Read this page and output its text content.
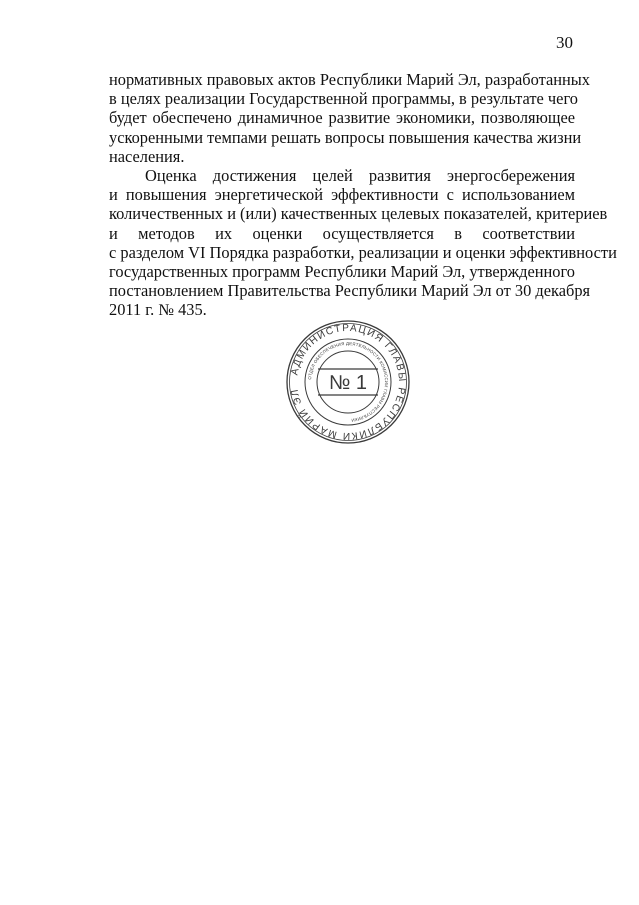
30

нормативных правовых актов Республики Марий Эл, разработанных
в целях реализации Государственной программы, в результате чего
будет обеспечено динамичное развитие экономики, позволяющее
ускоренными темпами решать вопросы повышения качества жизни
населения.

Оценка достижения целей развития энергосбережения
и повышения энергетической эффективности с использованием
количественных и (или) качественных целевых показателей, критериев
и методов их оценки осуществляется в соответствии
с разделом VI Порядка разработки, реализации и оценки эффективности
государственных программ Республики Марий Эл, утвержденного
постановлением Правительства Республики Марий Эл от 30 декабря
2011 г. № 435.

АДМИНИСТРАЦИЯ ГЛАВЫ РЕСПУБЛИКИ МАРИЙ ЭЛ
ОТДЕЛ ОБЕСПЕЧЕНИЯ ДЕЯТЕЛЬНОСТИ КОМИССИИ ГЛАВЫ РЕСПУБЛИКИ
№ 1
